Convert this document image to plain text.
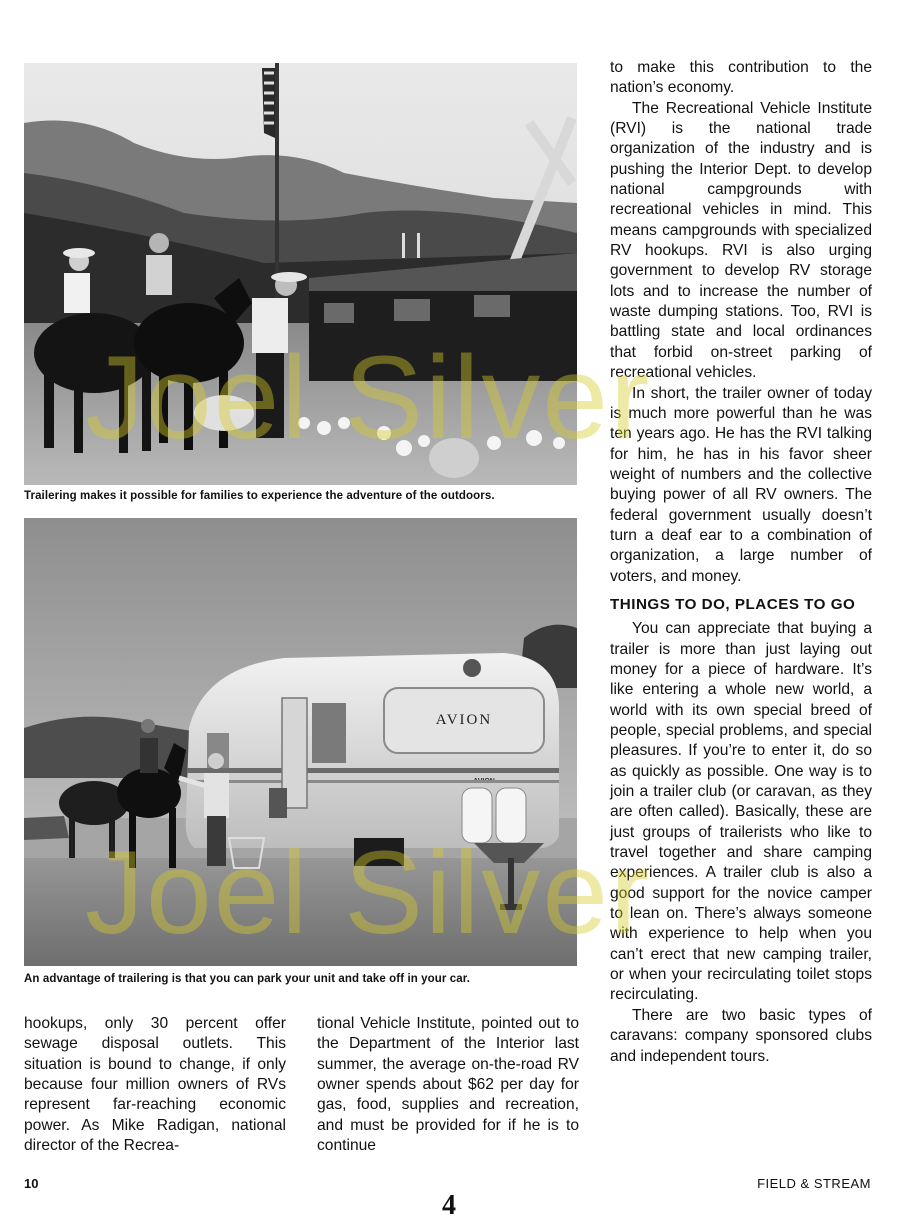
Trailering makes it possible for families to experience the adventure of the outdoors.
AVION
An advantage of trailering is that you can park your unit and take off in your car.

hookups, only 30 percent offer sewage disposal outlets. This situation is bound to change, if only because four million owners of RVs represent far-reaching economic power. As Mike Radigan, national director of the Recrea-

tional Vehicle Institute, pointed out to the Department of the Interior last summer, the average on-the-road RV owner spends about $62 per day for gas, food, supplies and recreation, and must be provided for if he is to continue

to make this contribution to the nation’s economy.

The Recreational Vehicle Institute (RVI) is the national trade organization of the industry and is pushing the Interior Dept. to develop national campgrounds with recreational vehicles in mind. This means campgrounds with specialized RV hookups. RVI is also urging government to develop RV storage lots and to increase the number of waste dumping stations. Too, RVI is battling state and local ordinances that forbid on-street parking of recreational vehicles.

In short, the trailer owner of today is much more powerful than he was ten years ago. He has the RVI talking for him, he has in his favor sheer weight of numbers and the collective buying power of all RV owners. The federal government usually doesn’t turn a deaf ear to a combination of organization, a large number of voters, and money.

THINGS TO DO, PLACES TO GO

You can appreciate that buying a trailer is more than just laying out money for a piece of hardware. It’s like entering a whole new world, a world with its own special breed of people, special problems, and special pleasures. If you’re to enter it, do so as quickly as possible. One way is to join a trailer club (or caravan, as they are often called). Basically, these are just groups of trailerists who like to travel together and share camping experiences. A trailer club is also a good support for the novice camper to lean on. There’s always someone with experience to help when you can’t erect that new camping trailer, or when your recirculating toilet stops recirculating.

There are two basic types of caravans: company sponsored clubs and independent tours.

10	FIELD & STREAM
4
Joel Silver
Joel Silver
